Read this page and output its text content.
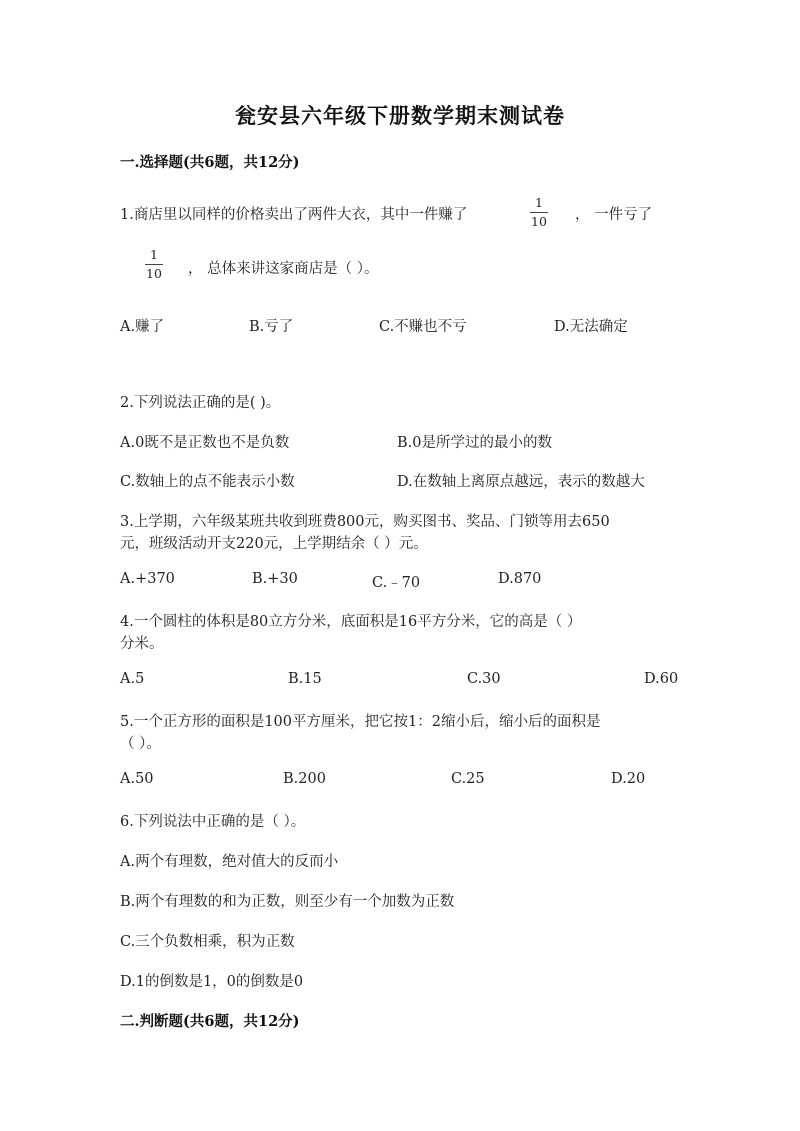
瓮安县六年级下册数学期末测试卷
一.选择题(共6题，共12分)
1.商店里以同样的价格卖出了两件大衣，其中一件赚了
1
10 ， 一件亏了
1
10 ， 总体来讲这家商店是（ ）。
A.赚了	B.亏了	C.不赚也不亏	D.无法确定
2.下列说法正确的是( )。
A.0既不是正数也不是负数	B.0是所学过的最小的数
C.数轴上的点不能表示小数	D.在数轴上离原点越远，表示的数越大
3.上学期，六年级某班共收到班费800元，购买图书、奖品、门锁等用去650
元，班级活动开支220元，上学期结余（ ）元。
A.+370	B.+30	C.﹣70	D.870
4.一个圆柱的体积是80立方分米，底面积是16平方分米，它的高是（ ）
分米。
A.5	B.15	C.30	D.60
5.一个正方形的面积是100平方厘米，把它按1：2缩小后，缩小后的面积是
（ ）。
A.50	B.200	C.25	D.20
6.下列说法中正确的是（ ）。
A.两个有理数，绝对值大的反而小
B.两个有理数的和为正数，则至少有一个加数为正数
C.三个负数相乘，积为正数
D.1的倒数是1，0的倒数是0
二.判断题(共6题，共12分)
